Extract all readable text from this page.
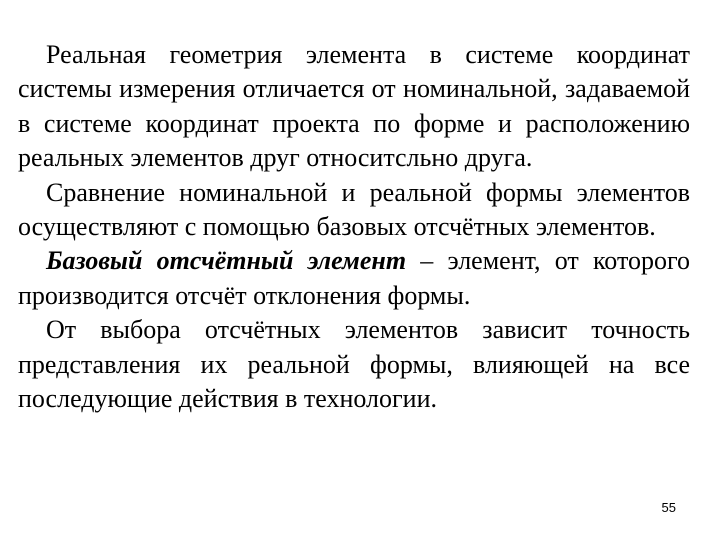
Реальная геометрия элемента в системе координат системы измерения отличается от номинальной, задаваемой в системе координат проекта по форме и расположению реальных элементов друг относитсльно друга.

Сравнение номинальной и реальной формы элементов осуществляют с помощью базовых отсчётных элементов.

Базовый отсчётный элемент – элемент, от которого производится отсчёт отклонения формы.

От выбора отсчётных элементов зависит точность представления их реальной формы, влияющей на все последующие действия в технологии.

55
